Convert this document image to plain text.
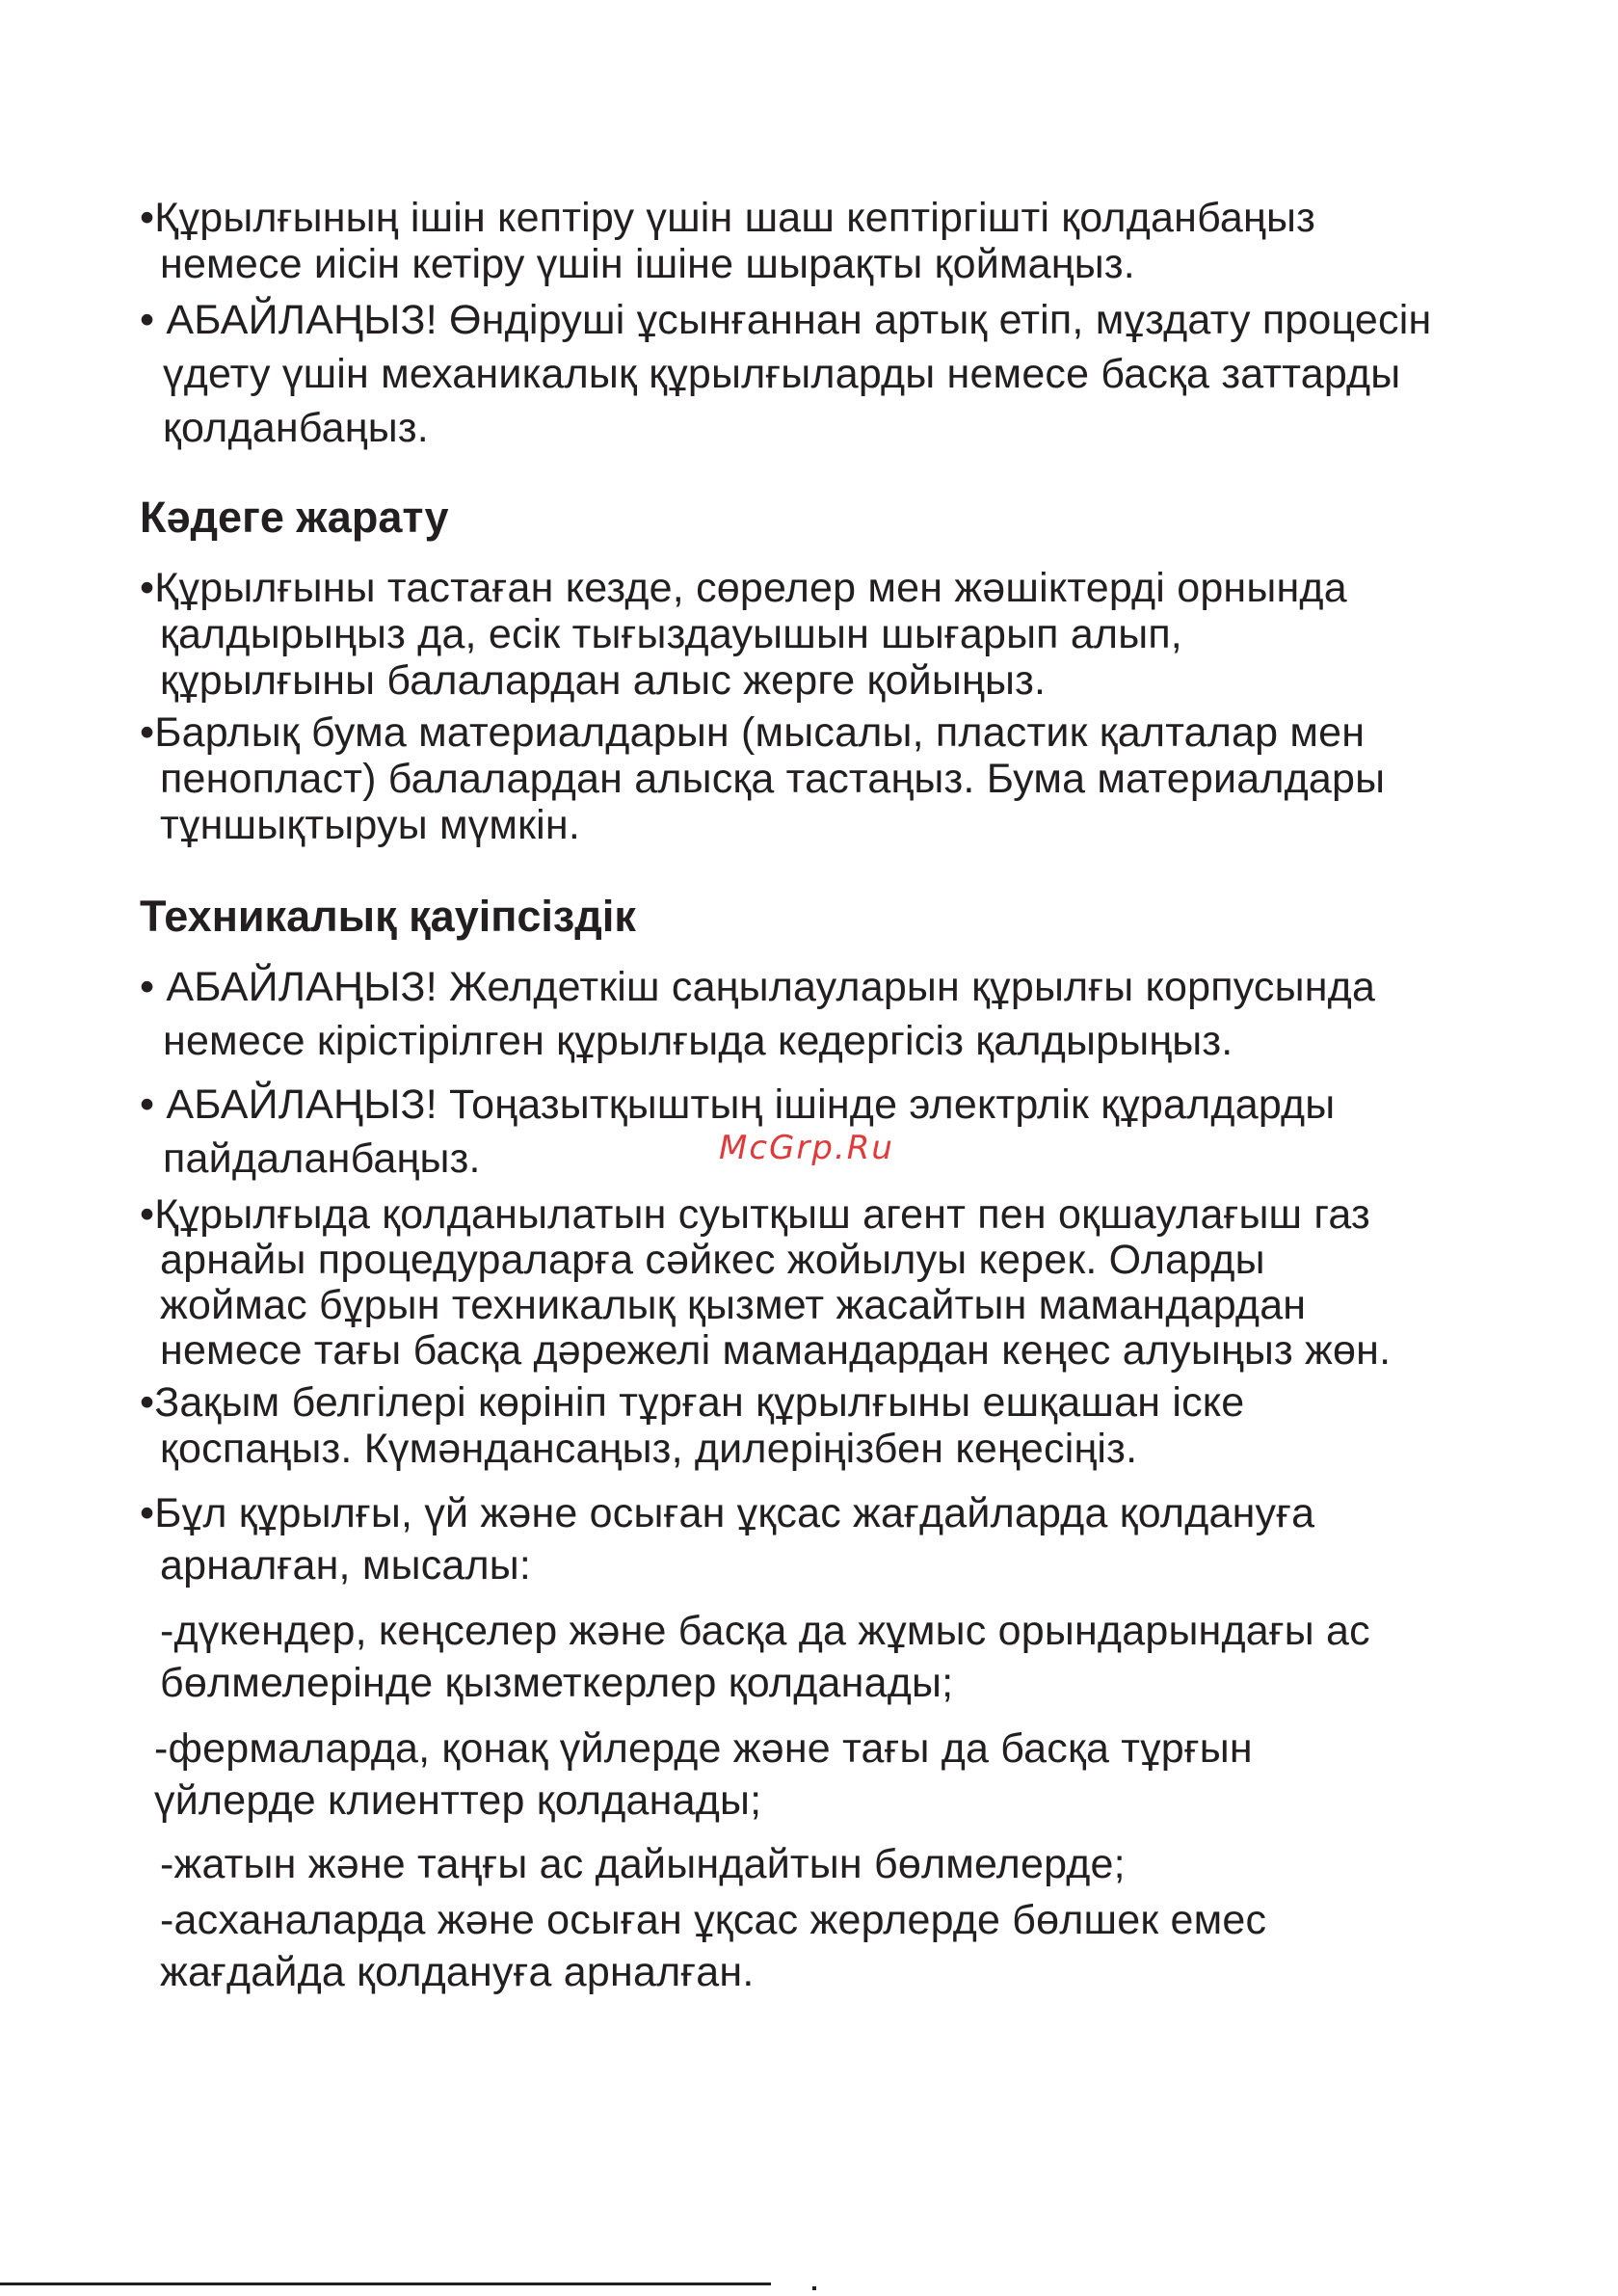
•Құрылғының ішін кептіру үшін шаш кептіргішті қолданбаңыз
немесе иісін кетіру үшін ішіне шырақты қоймаңыз.
• АБАЙЛАҢЫЗ! Өндіруші ұсынғаннан артық етіп, мұздату процесін
үдету үшін механикалық құрылғыларды немесе басқа заттарды
қолданбаңыз.
Кәдеге жарату
•Құрылғыны тастаған кезде, сөрелер мен жәшіктерді орнында
қалдырыңыз да, есік тығыздауышын шығарып алып,
құрылғыны балалардан алыс жерге қойыңыз.
•Барлық бума материалдарын (мысалы, пластик қалталар мен
пенопласт) балалардан алысқа тастаңыз. Бума материалдары
тұншықтыруы мүмкін.
Техникалық қауіпсіздік
• АБАЙЛАҢЫЗ! Желдеткіш саңылауларын құрылғы корпусында
немесе кірістірілген құрылғыда кедергісіз қалдырыңыз.
• АБАЙЛАҢЫЗ! Тоңазытқыштың ішінде электрлік құралдарды
пайдаланбаңыз.
•Құрылғыда қолданылатын суытқыш агент пен оқшаулағыш газ
арнайы процедураларға сәйкес жойылуы керек. Оларды
жоймас бұрын техникалық қызмет жасайтын мамандардан
немесе тағы басқа дәрежелі мамандардан кеңес алуыңыз жөн.
•Зақым белгілері көрініп тұрған құрылғыны ешқашан іске
қоспаңыз. Күмәндансаңыз, дилеріңізбен кеңесіңіз.
•Бұл құрылғы, үй және осыған ұқсас жағдайларда қолдануға
арналған, мысалы:
-дүкендер, кеңселер және басқа да жұмыс орындарындағы ас
бөлмелерінде қызметкерлер қолданады;
-фермаларда, қонақ үйлерде және тағы да басқа тұрғын
үйлерде клиенттер қолданады;
-жатын және таңғы ас дайындайтын бөлмелерде;
-асханаларда және осыған ұқсас жерлерде бөлшек емес
жағдайда қолдануға арналған.
McGrp.Ru
